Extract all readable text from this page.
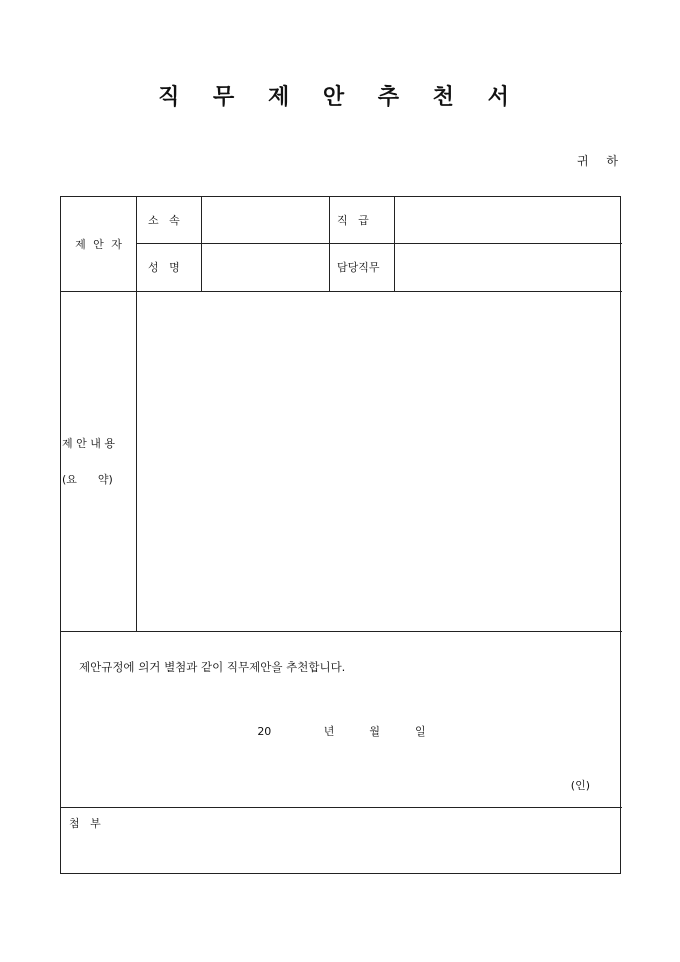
직 무 제 안 추 천 서
귀 하
제 안 자
소   속	직   급
성   명	담당직무
제 안 내 용
(요      약)
제안규정에 의거 별첨과 같이 직무제안을 추천합니다.
20   년  월  일
(인)
첨   부
